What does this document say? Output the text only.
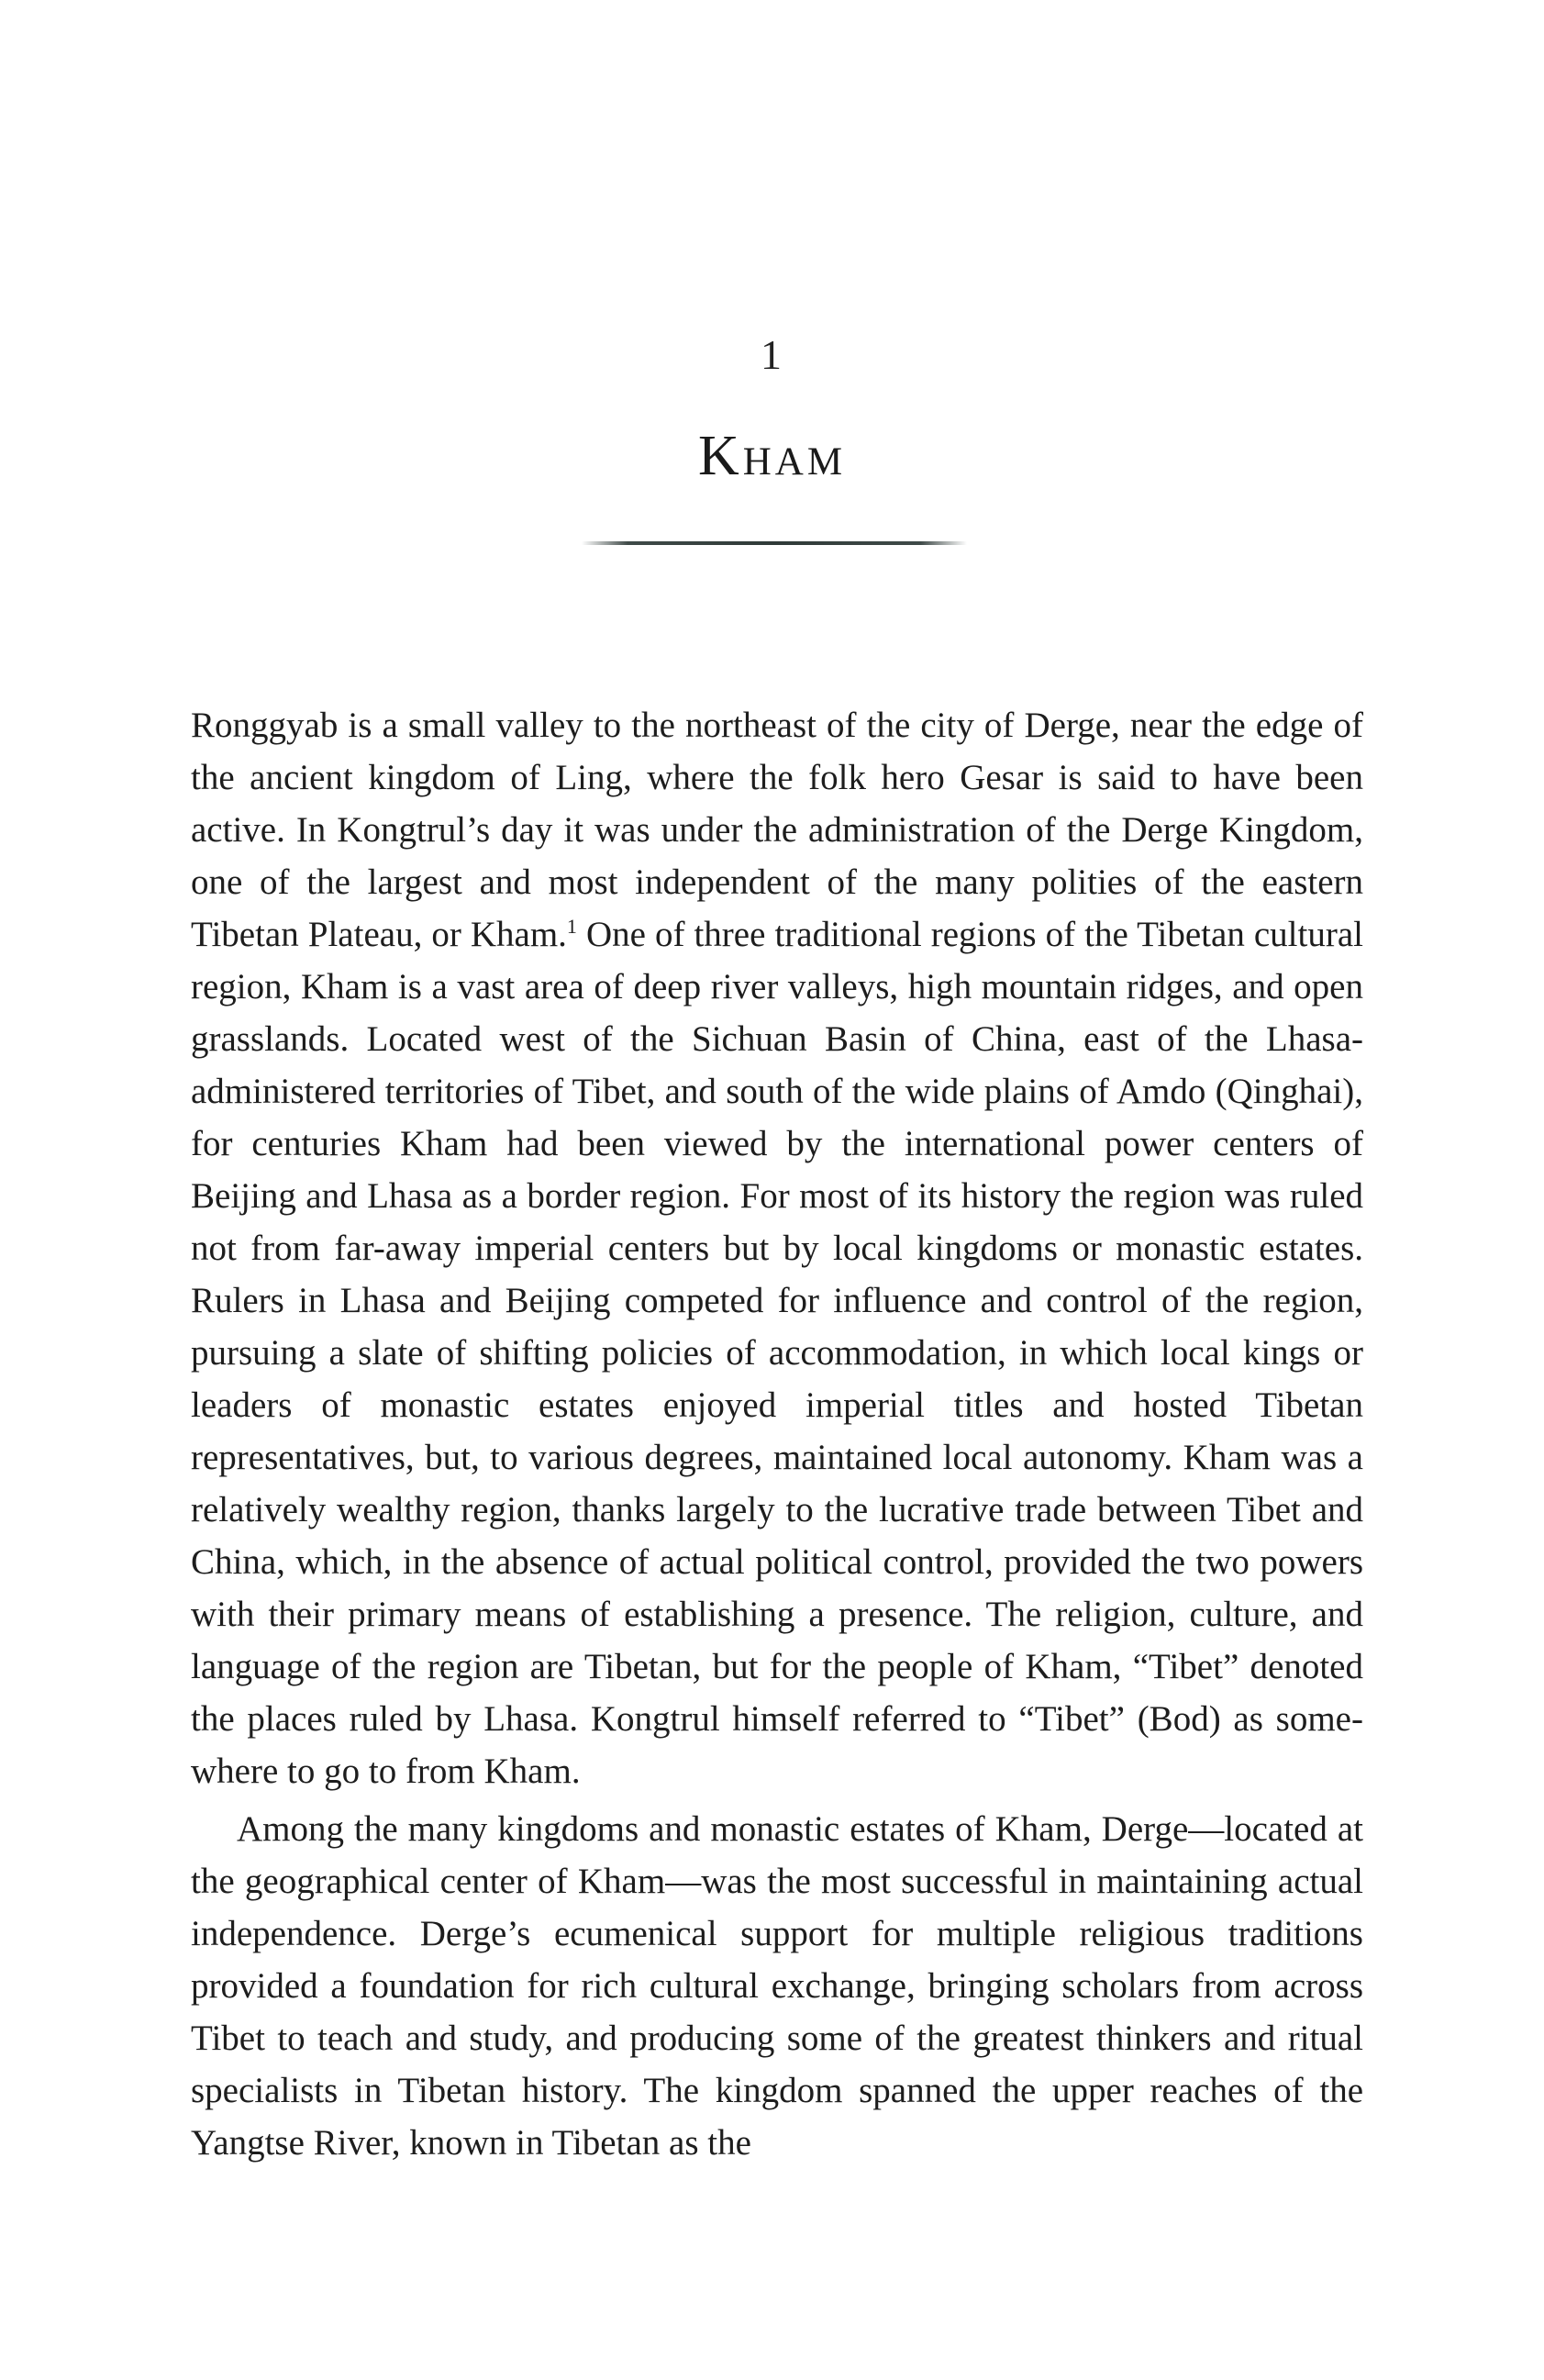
1
Kham

Ronggyab is a small valley to the northeast of the city of Derge, near the edge of the ancient kingdom of Ling, where the folk hero Gesar is said to have been active. In Kongtrul’s day it was under the administration of the Derge Kingdom, one of the largest and most independent of the many polities of the eastern Tibetan Plateau, or Kham.$^1$ One of three traditional regions of the Tibetan cultural region, Kham is a vast area of deep river valleys, high mountain ridges, and open grasslands. Located west of the Sichuan Basin of China, east of the Lhasa-administered territories of Tibet, and south of the wide plains of Amdo (Qinghai), for centuries Kham had been viewed by the international power centers of Beijing and Lhasa as a border region. For most of its history the region was ruled not from far-away imperial centers but by local kingdoms or monastic estates. Rulers in Lhasa and Beijing competed for influence and control of the region, pursuing a slate of shifting policies of accommodation, in which local kings or leaders of monastic estates enjoyed imperial titles and hosted Tibetan representatives, but, to various degrees, maintained local autonomy. Kham was a relatively wealthy region, thanks largely to the lucrative trade between Tibet and China, which, in the absence of actual political control, provided the two powers with their primary means of establishing a presence. The religion, culture, and language of the region are Tibetan, but for the people of Kham, “Tibet” denoted the places ruled by Lhasa. Kongtrul himself referred to “Tibet” (Bod) as somewhere to go to from Kham.

Among the many kingdoms and monastic estates of Kham, Derge—located at the geographical center of Kham—was the most successful in maintaining actual independence. Derge’s ecumenical support for multiple religious traditions provided a foundation for rich cultural exchange, bringing scholars from across Tibet to teach and study, and producing some of the greatest thinkers and ritual specialists in Tibetan history. The kingdom spanned the upper reaches of the Yangtse River, known in Tibetan as the
